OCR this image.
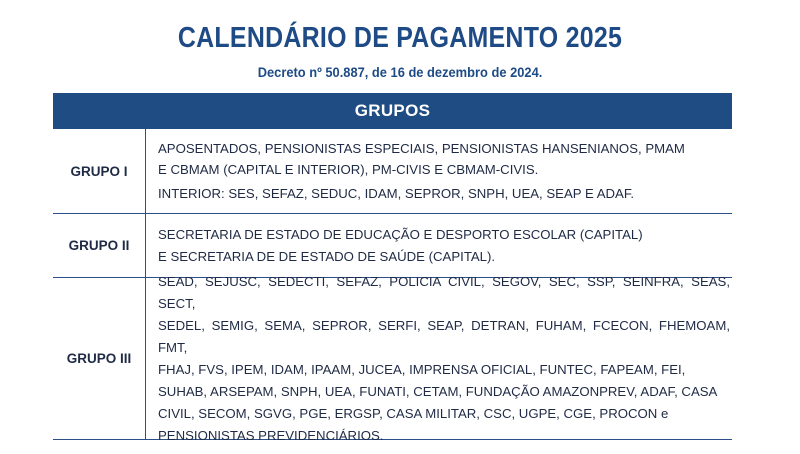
CALENDÁRIO DE PAGAMENTO 2025
Decreto nº 50.887, de 16 de dezembro de 2024.
GRUPOS
GRUPO I

APOSENTADOS, PENSIONISTAS ESPECIAIS, PENSIONISTAS HANSENIANOS, PMAM

E CBMAM (CAPITAL E INTERIOR), PM-CIVIS E CBMAM-CIVIS.

INTERIOR: SES, SEFAZ, SEDUC, IDAM, SEPROR, SNPH, UEA, SEAP E ADAF.

GRUPO II

SECRETARIA DE ESTADO DE EDUCAÇÃO E DESPORTO ESCOLAR (CAPITAL)

E SECRETARIA DE DE ESTADO DE SAÚDE (CAPITAL).

GRUPO III

SEAD, SEJUSC, SEDECTI, SEFAZ, POLICIA CIVIL, SEGOV, SEC, SSP, SEINFRA, SEAS, SECT,

SEDEL, SEMIG, SEMA, SEPROR, SERFI, SEAP, DETRAN, FUHAM, FCECON, FHEMOAM, FMT,

FHAJ, FVS, IPEM, IDAM, IPAAM, JUCEA, IMPRENSA OFICIAL, FUNTEC, FAPEAM, FEI,

SUHAB, ARSEPAM, SNPH, UEA, FUNATI, CETAM, FUNDAÇÃO AMAZONPREV, ADAF, CASA

CIVIL, SECOM, SGVG, PGE, ERGSP, CASA MILITAR, CSC, UGPE, CGE, PROCON e

PENSIONISTAS PREVIDENCIÁRIOS.
